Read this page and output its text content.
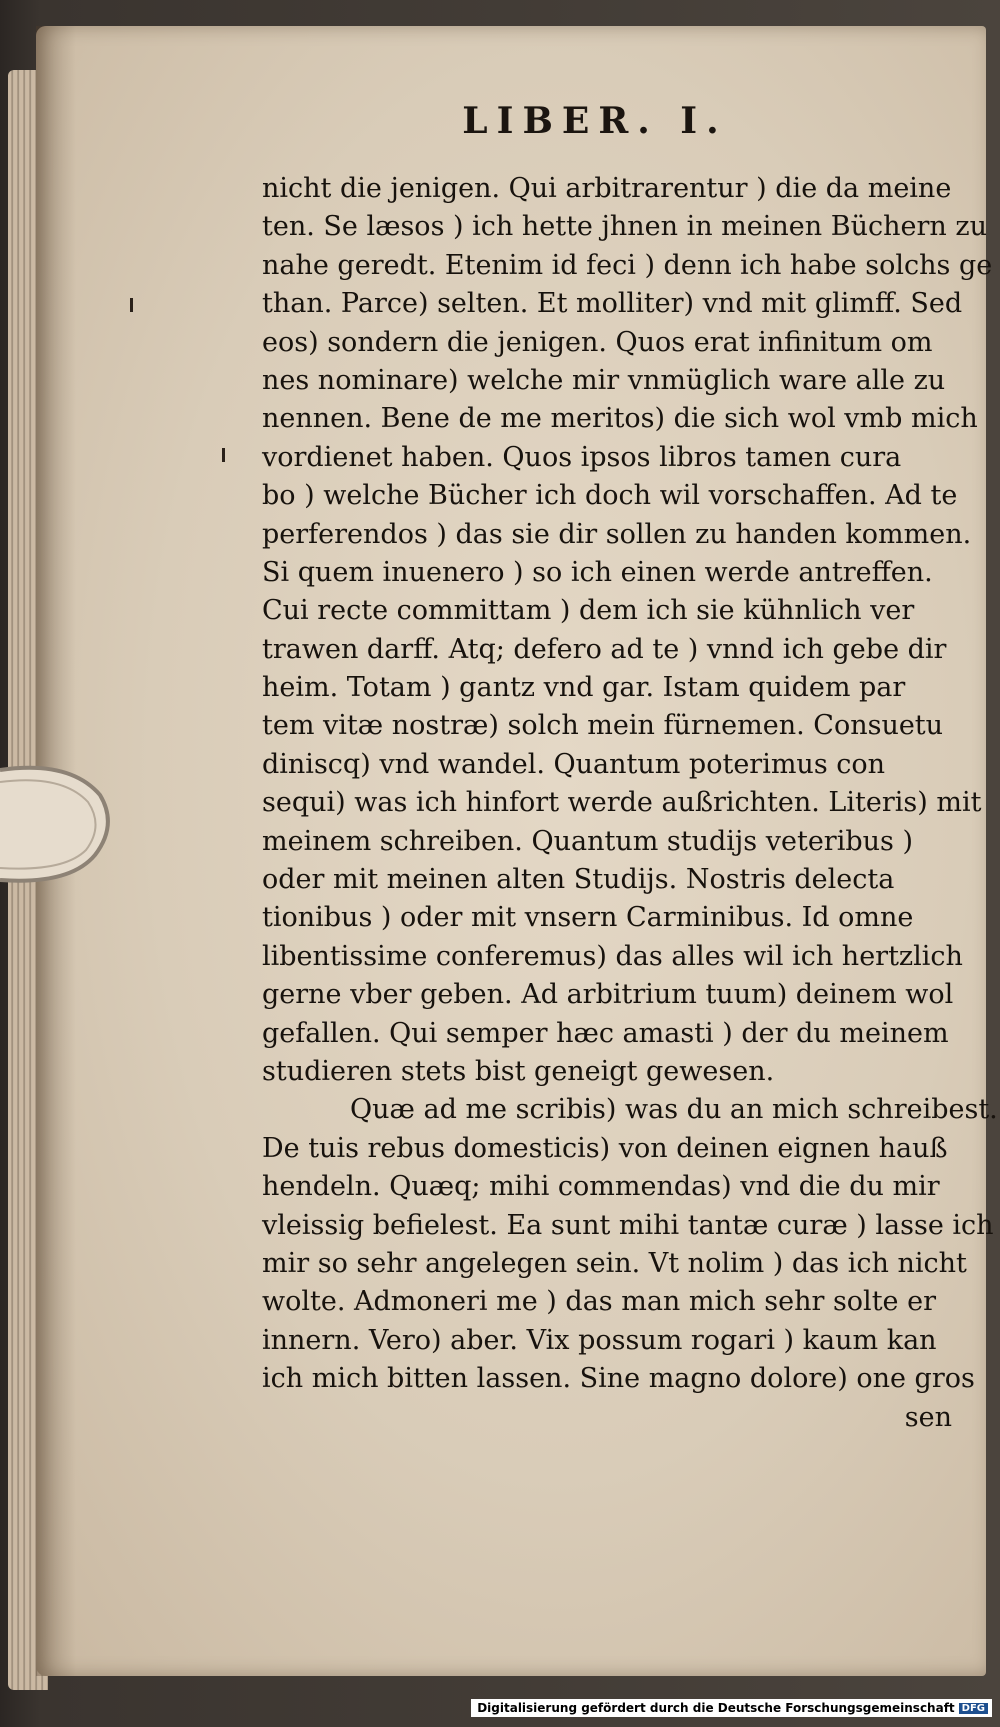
LIBER. I.
nicht die jenigen. Qui arbitrarentur ) die da meine
ten. Se læsos ) ich hette jhnen in meinen Büchern zu
nahe geredt. Etenim id feci ) denn ich habe solchs ge
than. Parce) selten. Et molliter) vnd mit glimff. Sed
eos) sondern die jenigen. Quos erat infinitum om
nes nominare) welche mir vnmüglich ware alle zu
nennen. Bene de me meritos) die sich wol vmb mich
vordienet haben. Quos ipsos libros tamen cura
bo ) welche Bücher ich doch wil vorschaffen. Ad te
perferendos ) das sie dir sollen zu handen kommen.
Si quem inuenero ) so ich einen werde antreffen.
Cui recte committam ) dem ich sie kühnlich ver
trawen darff. Atq; defero ad te ) vnnd ich gebe dir
heim. Totam ) gantz vnd gar. Istam quidem par
tem vitæ nostræ) solch mein fürnemen. Consuetu
diniscq) vnd wandel. Quantum poterimus con
sequi) was ich hinfort werde außrichten. Literis) mit
meinem schreiben. Quantum studijs veteribus )
oder mit meinen alten Studijs. Nostris delecta
tionibus ) oder mit vnsern Carminibus. Id omne
libentissime conferemus) das alles wil ich hertzlich
gerne vber geben. Ad arbitrium tuum) deinem wol
gefallen. Qui semper hæc amasti ) der du meinem
studieren stets bist geneigt gewesen.
Quæ ad me scribis) was du an mich schreibest.
De tuis rebus domesticis) von deinen eignen hauß
hendeln. Quæq; mihi commendas) vnd die du mir
vleissig befielest. Ea sunt mihi tantæ curæ ) lasse ich
mir so sehr angelegen sein. Vt nolim ) das ich nicht
wolte. Admoneri me ) das man mich sehr solte er
innern. Vero) aber. Vix possum rogari ) kaum kan
ich mich bitten lassen. Sine magno dolore) one gros
sen
Digitalisierung gefördert durch die Deutsche Forschungsgemeinschaft DFG
